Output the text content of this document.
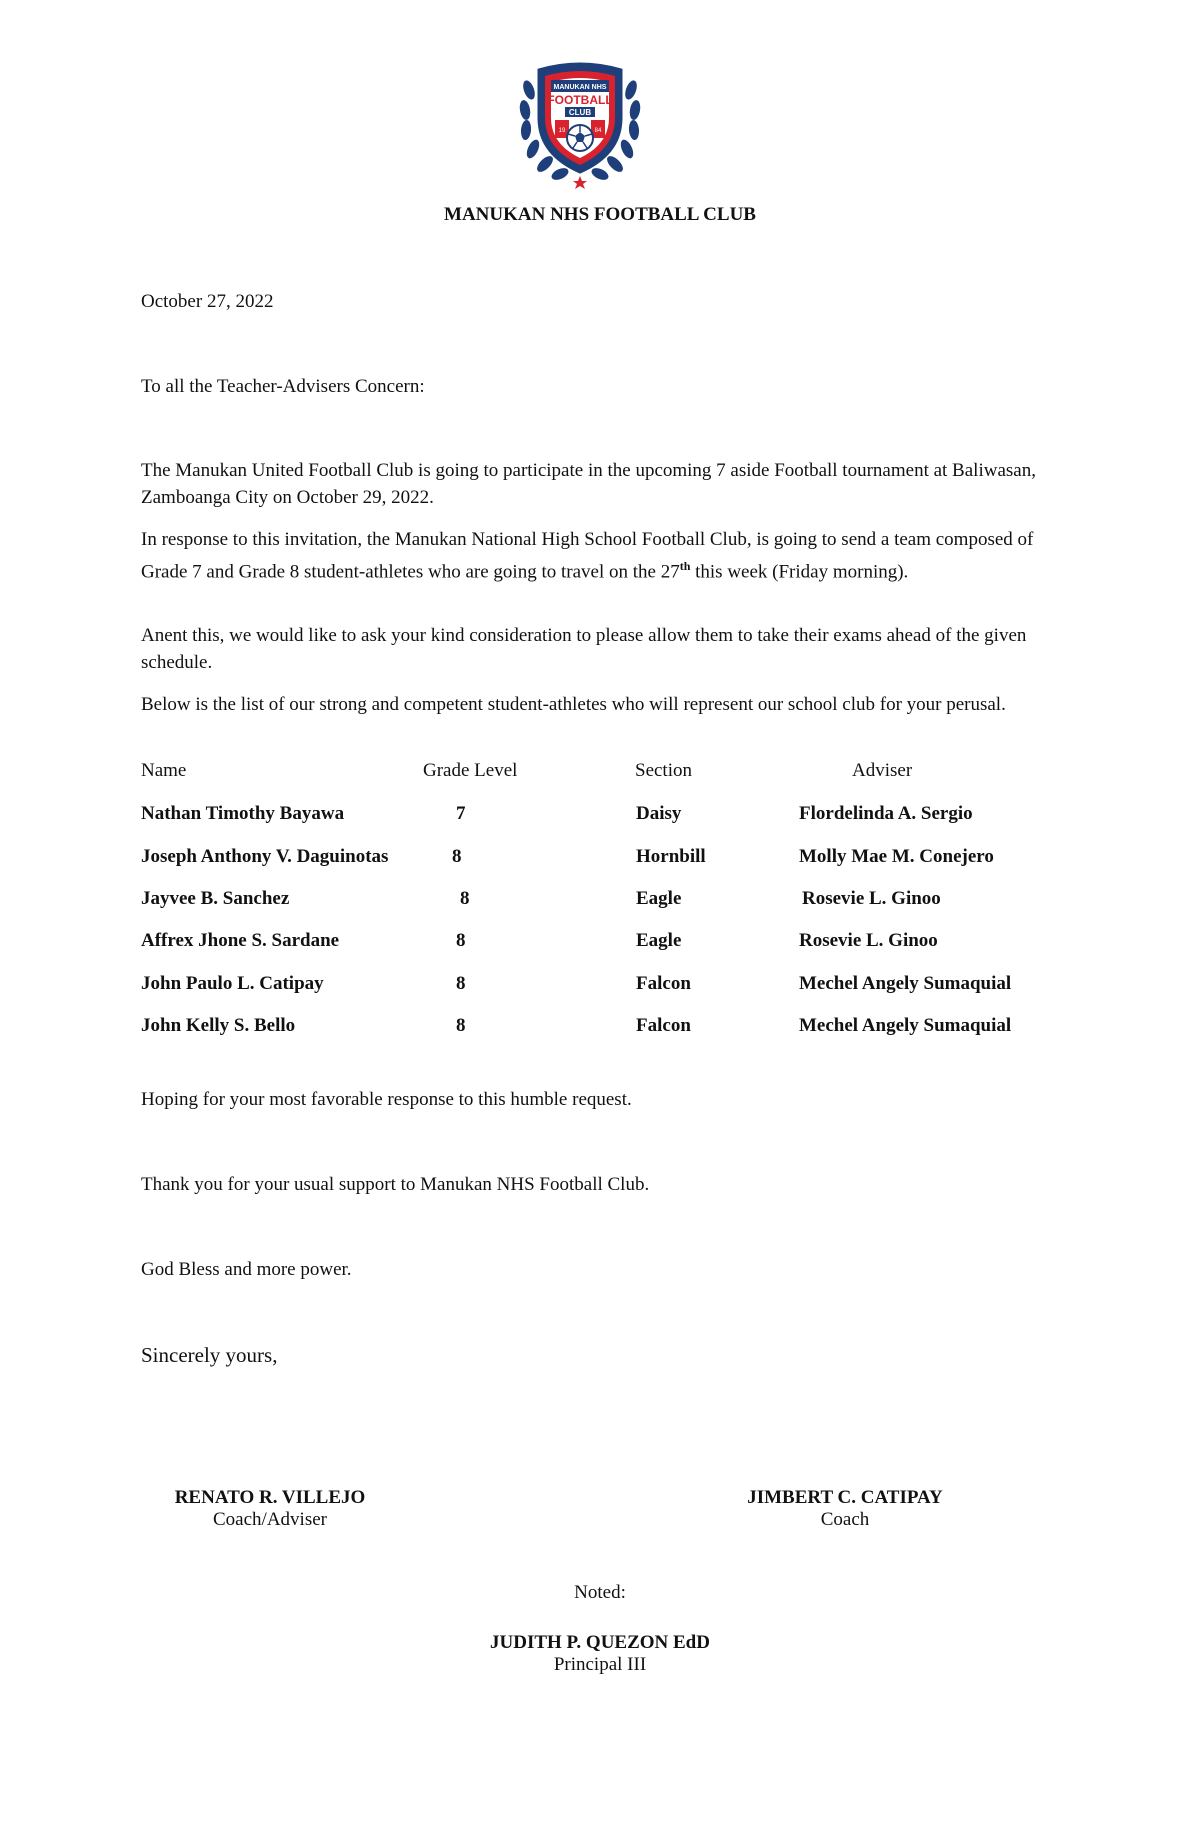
MANUKAN NHS
FOOTBALL
CLUB
19	84
MANUKAN NHS FOOTBALL CLUB
October 27, 2022
To all the Teacher-Advisers Concern:
The Manukan United Football Club is going to participate in the upcoming 7 aside Football tournament at Baliwasan, Zamboanga City on October 29, 2022.
In response to this invitation, the Manukan National High School Football Club, is going to send a team composed of Grade 7 and Grade 8 student-athletes who are going to travel on the 27th this week (Friday morning).
Anent this, we would like to ask your kind consideration to please allow them to take their exams ahead of the given schedule.
Below is the list of our strong and competent student-athletes who will represent our school club for your perusal.
Name	Grade Level	Section	Adviser
Nathan Timothy Bayawa	7	Daisy	Flordelinda A. Sergio
Joseph Anthony V. Daguinotas	8	Hornbill	Molly Mae M. Conejero
Jayvee B. Sanchez	8	Eagle	Rosevie L. Ginoo
Affrex Jhone S. Sardane	8	Eagle	Rosevie L. Ginoo
John Paulo L. Catipay	8	Falcon	Mechel Angely Sumaquial
John Kelly S. Bello	8	Falcon	Mechel Angely Sumaquial
Hoping for your most favorable response to this humble request.
Thank you for your usual support to Manukan NHS Football Club.
God Bless and more power.
Sincerely yours,
RENATO R. VILLEJO
Coach/Adviser
JIMBERT C. CATIPAY
Coach
Noted:
JUDITH P. QUEZON EdD
Principal III
